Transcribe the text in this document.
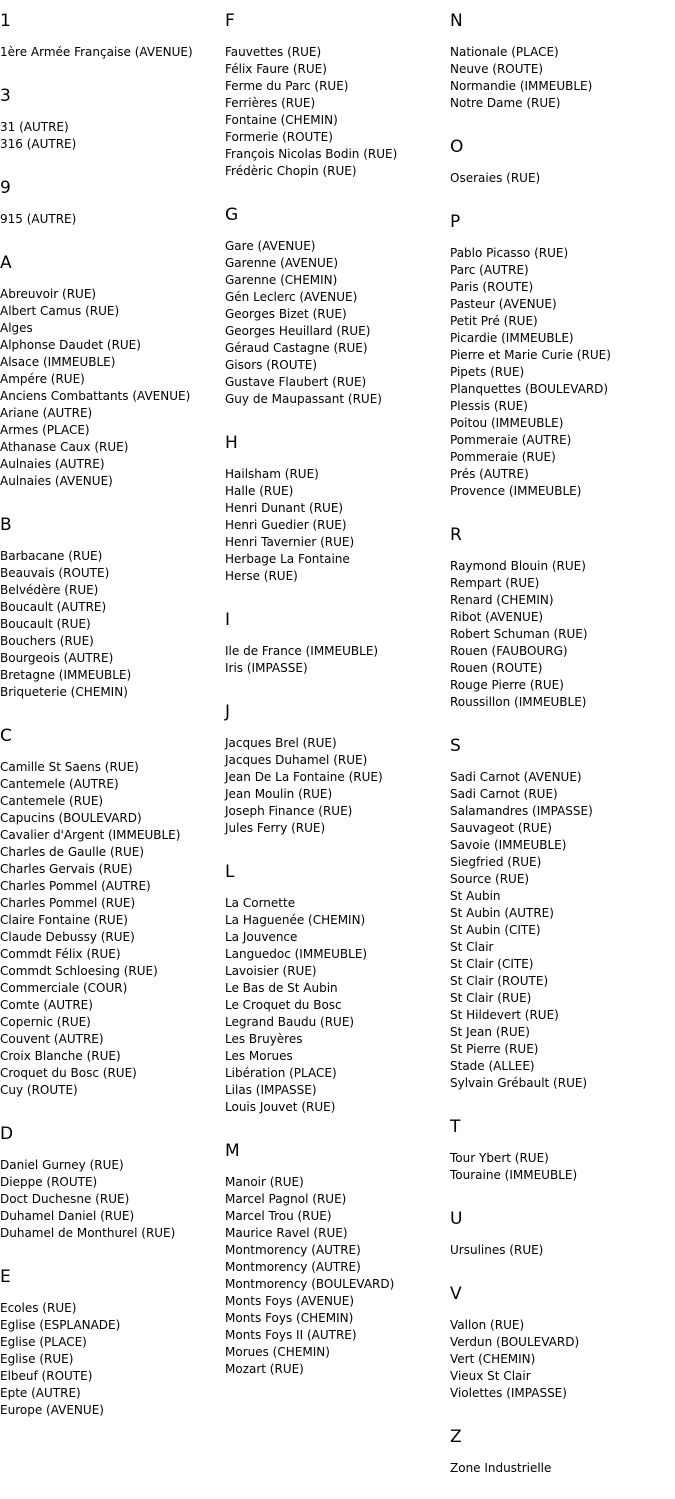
1
1ère Armée Française (AVENUE)
3
31 (AUTRE)
316 (AUTRE)
9
915 (AUTRE)
A
Abreuvoir (RUE)
Albert Camus (RUE)
Alges
Alphonse Daudet (RUE)
Alsace (IMMEUBLE)
Ampére (RUE)
Anciens Combattants (AVENUE)
Ariane (AUTRE)
Armes (PLACE)
Athanase Caux (RUE)
Aulnaies (AUTRE)
Aulnaies (AVENUE)
B
Barbacane (RUE)
Beauvais (ROUTE)
Belvédère (RUE)
Boucault (AUTRE)
Boucault (RUE)
Bouchers (RUE)
Bourgeois (AUTRE)
Bretagne (IMMEUBLE)
Briqueterie (CHEMIN)
C
Camille St Saens (RUE)
Cantemele (AUTRE)
Cantemele (RUE)
Capucins (BOULEVARD)
Cavalier d'Argent (IMMEUBLE)
Charles de Gaulle (RUE)
Charles Gervais (RUE)
Charles Pommel (AUTRE)
Charles Pommel (RUE)
Claire Fontaine (RUE)
Claude Debussy (RUE)
Commdt Félix (RUE)
Commdt Schloesing (RUE)
Commerciale (COUR)
Comte (AUTRE)
Copernic (RUE)
Couvent (AUTRE)
Croix Blanche (RUE)
Croquet du Bosc (RUE)
Cuy (ROUTE)
D
Daniel Gurney (RUE)
Dieppe (ROUTE)
Doct Duchesne (RUE)
Duhamel Daniel (RUE)
Duhamel de Monthurel (RUE)
E
Ecoles (RUE)
Eglise (ESPLANADE)
Eglise (PLACE)
Eglise (RUE)
Elbeuf (ROUTE)
Epte (AUTRE)
Europe (AVENUE)
F
Fauvettes (RUE)
Félix Faure (RUE)
Ferme du Parc (RUE)
Ferrières (RUE)
Fontaine (CHEMIN)
Formerie (ROUTE)
François Nicolas Bodin (RUE)
Frédèric Chopin (RUE)
G
Gare (AVENUE)
Garenne (AVENUE)
Garenne (CHEMIN)
Gén Leclerc (AVENUE)
Georges Bizet (RUE)
Georges Heuillard (RUE)
Géraud Castagne (RUE)
Gisors (ROUTE)
Gustave Flaubert (RUE)
Guy de Maupassant (RUE)
H
Hailsham (RUE)
Halle (RUE)
Henri Dunant (RUE)
Henri Guedier (RUE)
Henri Tavernier (RUE)
Herbage La Fontaine
Herse (RUE)
I
Ile de France (IMMEUBLE)
Iris (IMPASSE)
J
Jacques Brel (RUE)
Jacques Duhamel (RUE)
Jean De La Fontaine (RUE)
Jean Moulin (RUE)
Joseph Finance (RUE)
Jules Ferry (RUE)
L
La Cornette
La Haguenée (CHEMIN)
La Jouvence
Languedoc (IMMEUBLE)
Lavoisier (RUE)
Le Bas de St Aubin
Le Croquet du Bosc
Legrand Baudu (RUE)
Les Bruyères
Les Morues
Libération (PLACE)
Lilas (IMPASSE)
Louis Jouvet (RUE)
M
Manoir (RUE)
Marcel Pagnol (RUE)
Marcel Trou (RUE)
Maurice Ravel (RUE)
Montmorency (AUTRE)
Montmorency (AUTRE)
Montmorency (BOULEVARD)
Monts Foys (AVENUE)
Monts Foys (CHEMIN)
Monts Foys II (AUTRE)
Morues (CHEMIN)
Mozart (RUE)
N
Nationale (PLACE)
Neuve (ROUTE)
Normandie (IMMEUBLE)
Notre Dame (RUE)
O
Oseraies (RUE)
P
Pablo Picasso (RUE)
Parc (AUTRE)
Paris (ROUTE)
Pasteur (AVENUE)
Petit Pré (RUE)
Picardie (IMMEUBLE)
Pierre et Marie Curie (RUE)
Pipets (RUE)
Planquettes (BOULEVARD)
Plessis (RUE)
Poitou (IMMEUBLE)
Pommeraie (AUTRE)
Pommeraie (RUE)
Prés (AUTRE)
Provence (IMMEUBLE)
R
Raymond Blouin (RUE)
Rempart (RUE)
Renard (CHEMIN)
Ribot (AVENUE)
Robert Schuman (RUE)
Rouen (FAUBOURG)
Rouen (ROUTE)
Rouge Pierre (RUE)
Roussillon (IMMEUBLE)
S
Sadi Carnot (AVENUE)
Sadi Carnot (RUE)
Salamandres (IMPASSE)
Sauvageot (RUE)
Savoie (IMMEUBLE)
Siegfried (RUE)
Source (RUE)
St Aubin
St Aubin (AUTRE)
St Aubin (CITE)
St Clair
St Clair (CITE)
St Clair (ROUTE)
St Clair (RUE)
St Hildevert (RUE)
St Jean (RUE)
St Pierre (RUE)
Stade (ALLEE)
Sylvain Grébault (RUE)
T
Tour Ybert (RUE)
Touraine (IMMEUBLE)
U
Ursulines (RUE)
V
Vallon (RUE)
Verdun (BOULEVARD)
Vert (CHEMIN)
Vieux St Clair
Violettes (IMPASSE)
Z
Zone Industrielle
